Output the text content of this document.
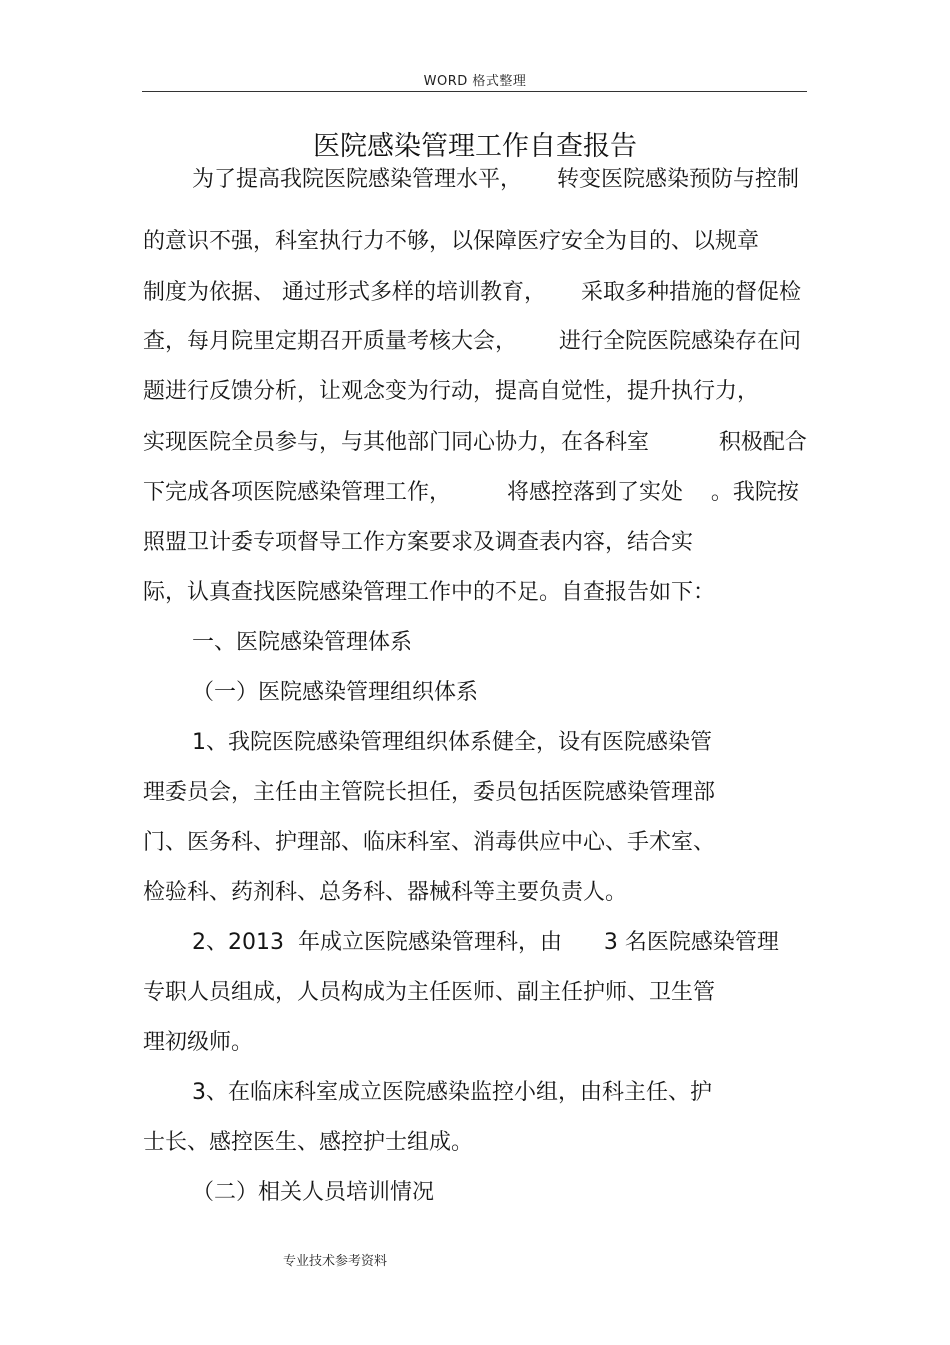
WORD 格式整理
医院感染管理工作自查报告
为了提高我院医院感染管理水平，     转变医院感染预防与控制
的意识不强，科室执行力不够，以保障医疗安全为目的、以规章
制度为依据、 通过形式多样的培训教育，     采取多种措施的督促检
查，每月院里定期召开质量考核大会，      进行全院医院感染存在问
题进行反馈分析，让观念变为行动，提高自觉性，提升执行力，
实现医院全员参与，与其他部门同心协力，在各科室          积极配合
下完成各项医院感染管理工作，        将感控落到了实处    。我院按
照盟卫计委专项督导工作方案要求及调查表内容，结合实
际，认真查找医院感染管理工作中的不足。自查报告如下：
一、医院感染管理体系
（一）医院感染管理组织体系
1、我院医院感染管理组织体系健全，设有医院感染管
理委员会，主任由主管院长担任，委员包括医院感染管理部
门、医务科、护理部、临床科室、消毒供应中心、手术室、
检验科、药剂科、总务科、器械科等主要负责人。
2、2013  年成立医院感染管理科，由      3 名医院感染管理
专职人员组成，人员构成为主任医师、副主任护师、卫生管
理初级师。
3、在临床科室成立医院感染监控小组，由科主任、护
士长、感控医生、感控护士组成。
（二）相关人员培训情况
专业技术参考资料
